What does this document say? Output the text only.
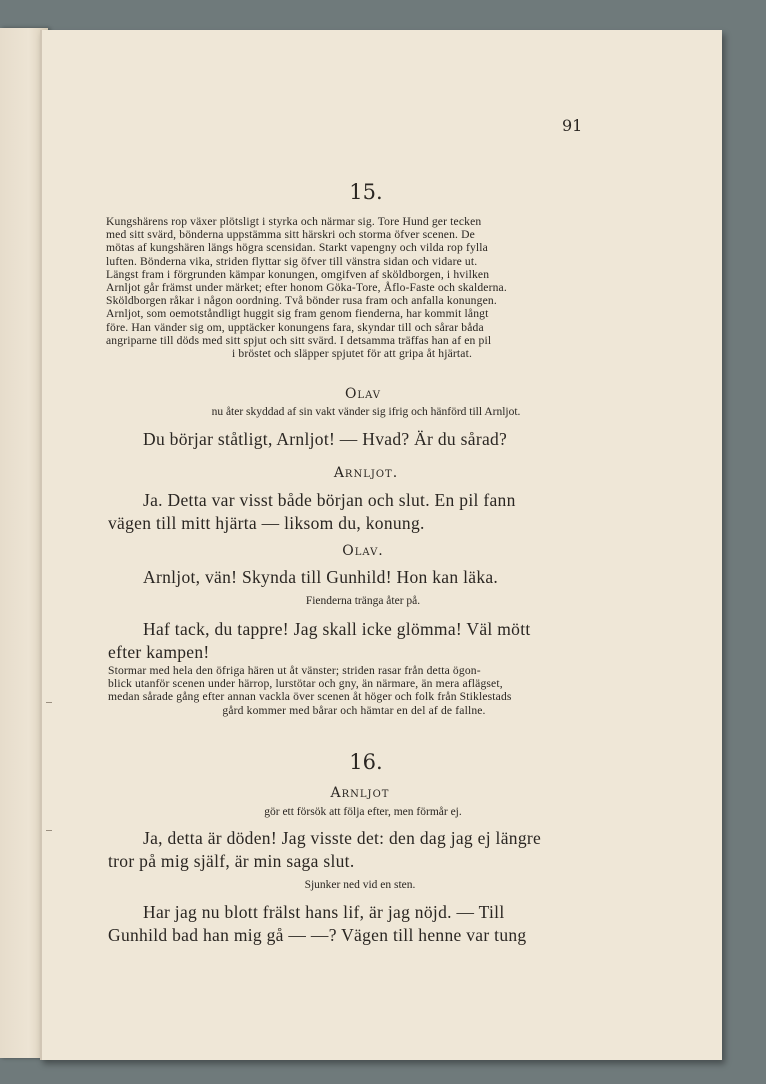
91
15.
Kungshärens rop växer plötsligt i styrka och närmar sig. Tore Hund ger tecken
med sitt svärd, bönderna uppstämma sitt härskri och storma öfver scenen. De
mötas af kungshären längs högra scensidan. Starkt vapengny och vilda rop fylla
luften. Bönderna vika, striden flyttar sig öfver till vänstra sidan och vidare ut.
Längst fram i förgrunden kämpar konungen, omgifven af sköldborgen, i hvilken
Arnljot går främst under märket; efter honom Göka-Tore, Åflo-Faste och skalderna.
Sköldborgen råkar i någon oordning. Två bönder rusa fram och anfalla konungen.
Arnljot, som oemotståndligt huggit sig fram genom fienderna, har kommit långt
före. Han vänder sig om, upptäcker konungens fara, skyndar till och sårar båda
angriparne till döds med sitt spjut och sitt svärd. I detsamma träffas han af en pil
i bröstet och släpper spjutet för att gripa åt hjärtat.
Olav
nu åter skyddad af sin vakt vänder sig ifrig och hänförd till Arnljot.
Du börjar ståtligt, Arnljot! — Hvad? Är du sårad?
Arnljot.
Ja. Detta var visst både början och slut. En pil fann
vägen till mitt hjärta — liksom du, konung.
Olav.
Arnljot, vän! Skynda till Gunhild! Hon kan läka.
Fienderna tränga åter på.
Haf tack, du tappre! Jag skall icke glömma! Väl mött
efter kampen!
Stormar med hela den öfriga hären ut åt vänster; striden rasar från detta ögon-
blick utanför scenen under härrop, lurstötar och gny, än närmare, än mera aflägset,
medan sårade gång efter annan vackla över scenen åt höger och folk från Stiklestads
gård kommer med bårar och hämtar en del af de fallne.
16.
Arnljot
gör ett försök att följa efter, men förmår ej.
Ja, detta är döden! Jag visste det: den dag jag ej längre
tror på mig själf, är min saga slut.
Sjunker ned vid en sten.
Har jag nu blott frälst hans lif, är jag nöjd. — Till
Gunhild bad han mig gå — —? Vägen till henne var tung
